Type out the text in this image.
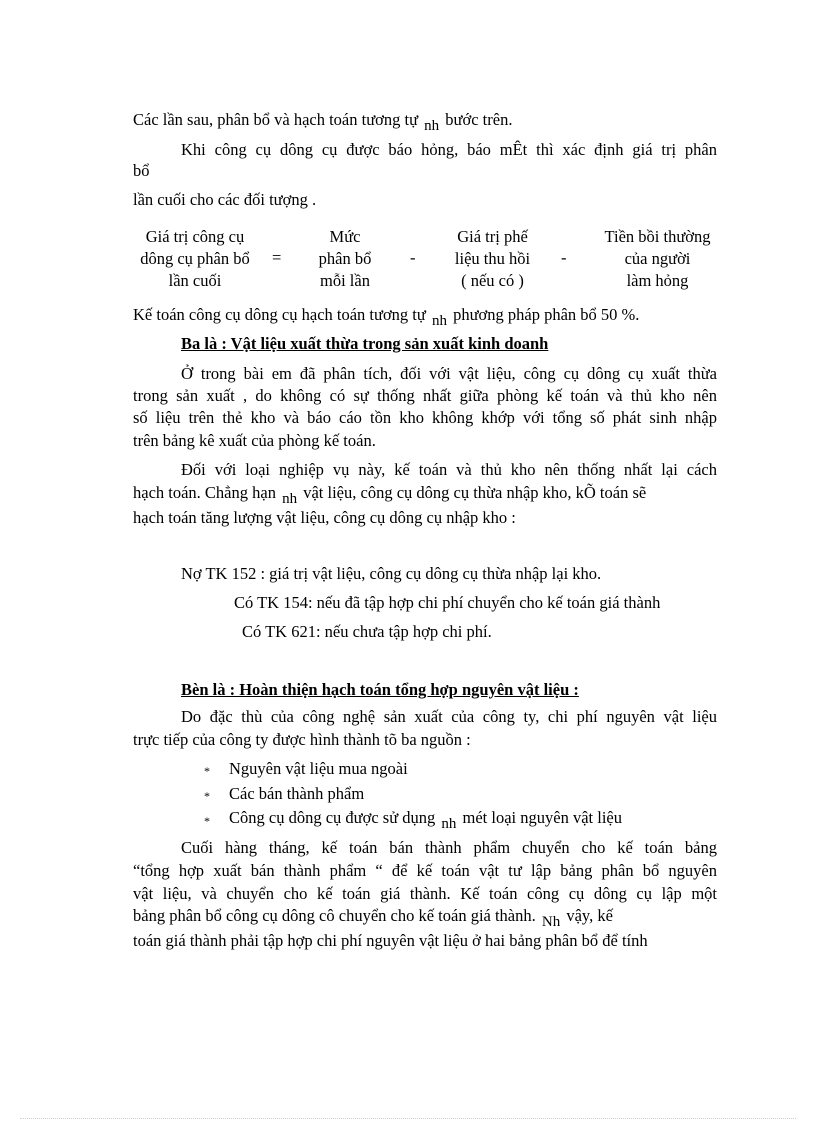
Các lần sau, phân bổ và hạch toán tương tự nh bước trên.
Khi công cụ dông cụ được báo hỏng, báo mÊt thì xác định giá trị phân
bổ
lần cuối cho các đối tượng .
Giá trị công cụ
dông cụ phân bổ
lần cuối
=
Mức
phân bổ
mỗi lần
-
Giá trị phế
liệu thu hồi
( nếu có )
-
Tiền bồi thường
của người
làm hỏng
Kế toán công cụ dông cụ hạch toán tương tự nh phương pháp phân bổ 50 %.
Ba là : Vật liệu xuất thừa trong sản xuất kinh doanh
Ở trong bài em đã phân tích, đối với vật liệu, công cụ dông cụ xuất thừa
trong sản xuất , do không có sự thống nhất giữa phòng kế toán và thủ kho nên
số liệu trên thẻ kho và báo cáo tồn kho không khớp với tổng số phát sinh nhập
trên bảng kê xuất của phòng kế toán.
Đối với loại nghiệp vụ này, kế toán và thủ kho nên thống nhất lại cách
hạch toán. Chẳng hạn nh vật liệu, công cụ dông cụ thừa nhập kho, kÕ toán sẽ
hạch toán tăng lượng vật liệu, công cụ dông cụ nhập kho :
Nợ TK 152 : giá trị vật liệu, công cụ dông cụ thừa nhập lại kho.
Có TK 154: nếu đã tập hợp chi phí chuyển cho kế toán giá thành
Có TK 621: nếu chưa tập hợp chi phí.
Bèn là : Hoàn thiện hạch toán tổng hợp nguyên vật liệu :
Do đặc thù của công nghệ sản xuất của công ty, chi phí nguyên vật liệu
trực tiếp của công ty được hình thành tõ ba nguồn :
* Nguyên vật liệu mua ngoài
* Các bán thành phẩm
* Công cụ dông cụ được sử dụng nh mét loại nguyên vật liệu
Cuối hàng tháng, kế toán bán thành phẩm chuyển cho kế toán bảng
“tổng hợp xuất bán thành phẩm “ để kế toán vật tư lập bảng phân bổ nguyên
vật liệu, và chuyển cho kế toán giá thành. Kế toán công cụ dông cụ lập một
bảng phân bổ công cụ dông cô chuyển cho kế toán giá thành. Nh vậy, kế
toán giá thành phải tập hợp chi phí nguyên vật liệu ở hai bảng phân bổ để tính
